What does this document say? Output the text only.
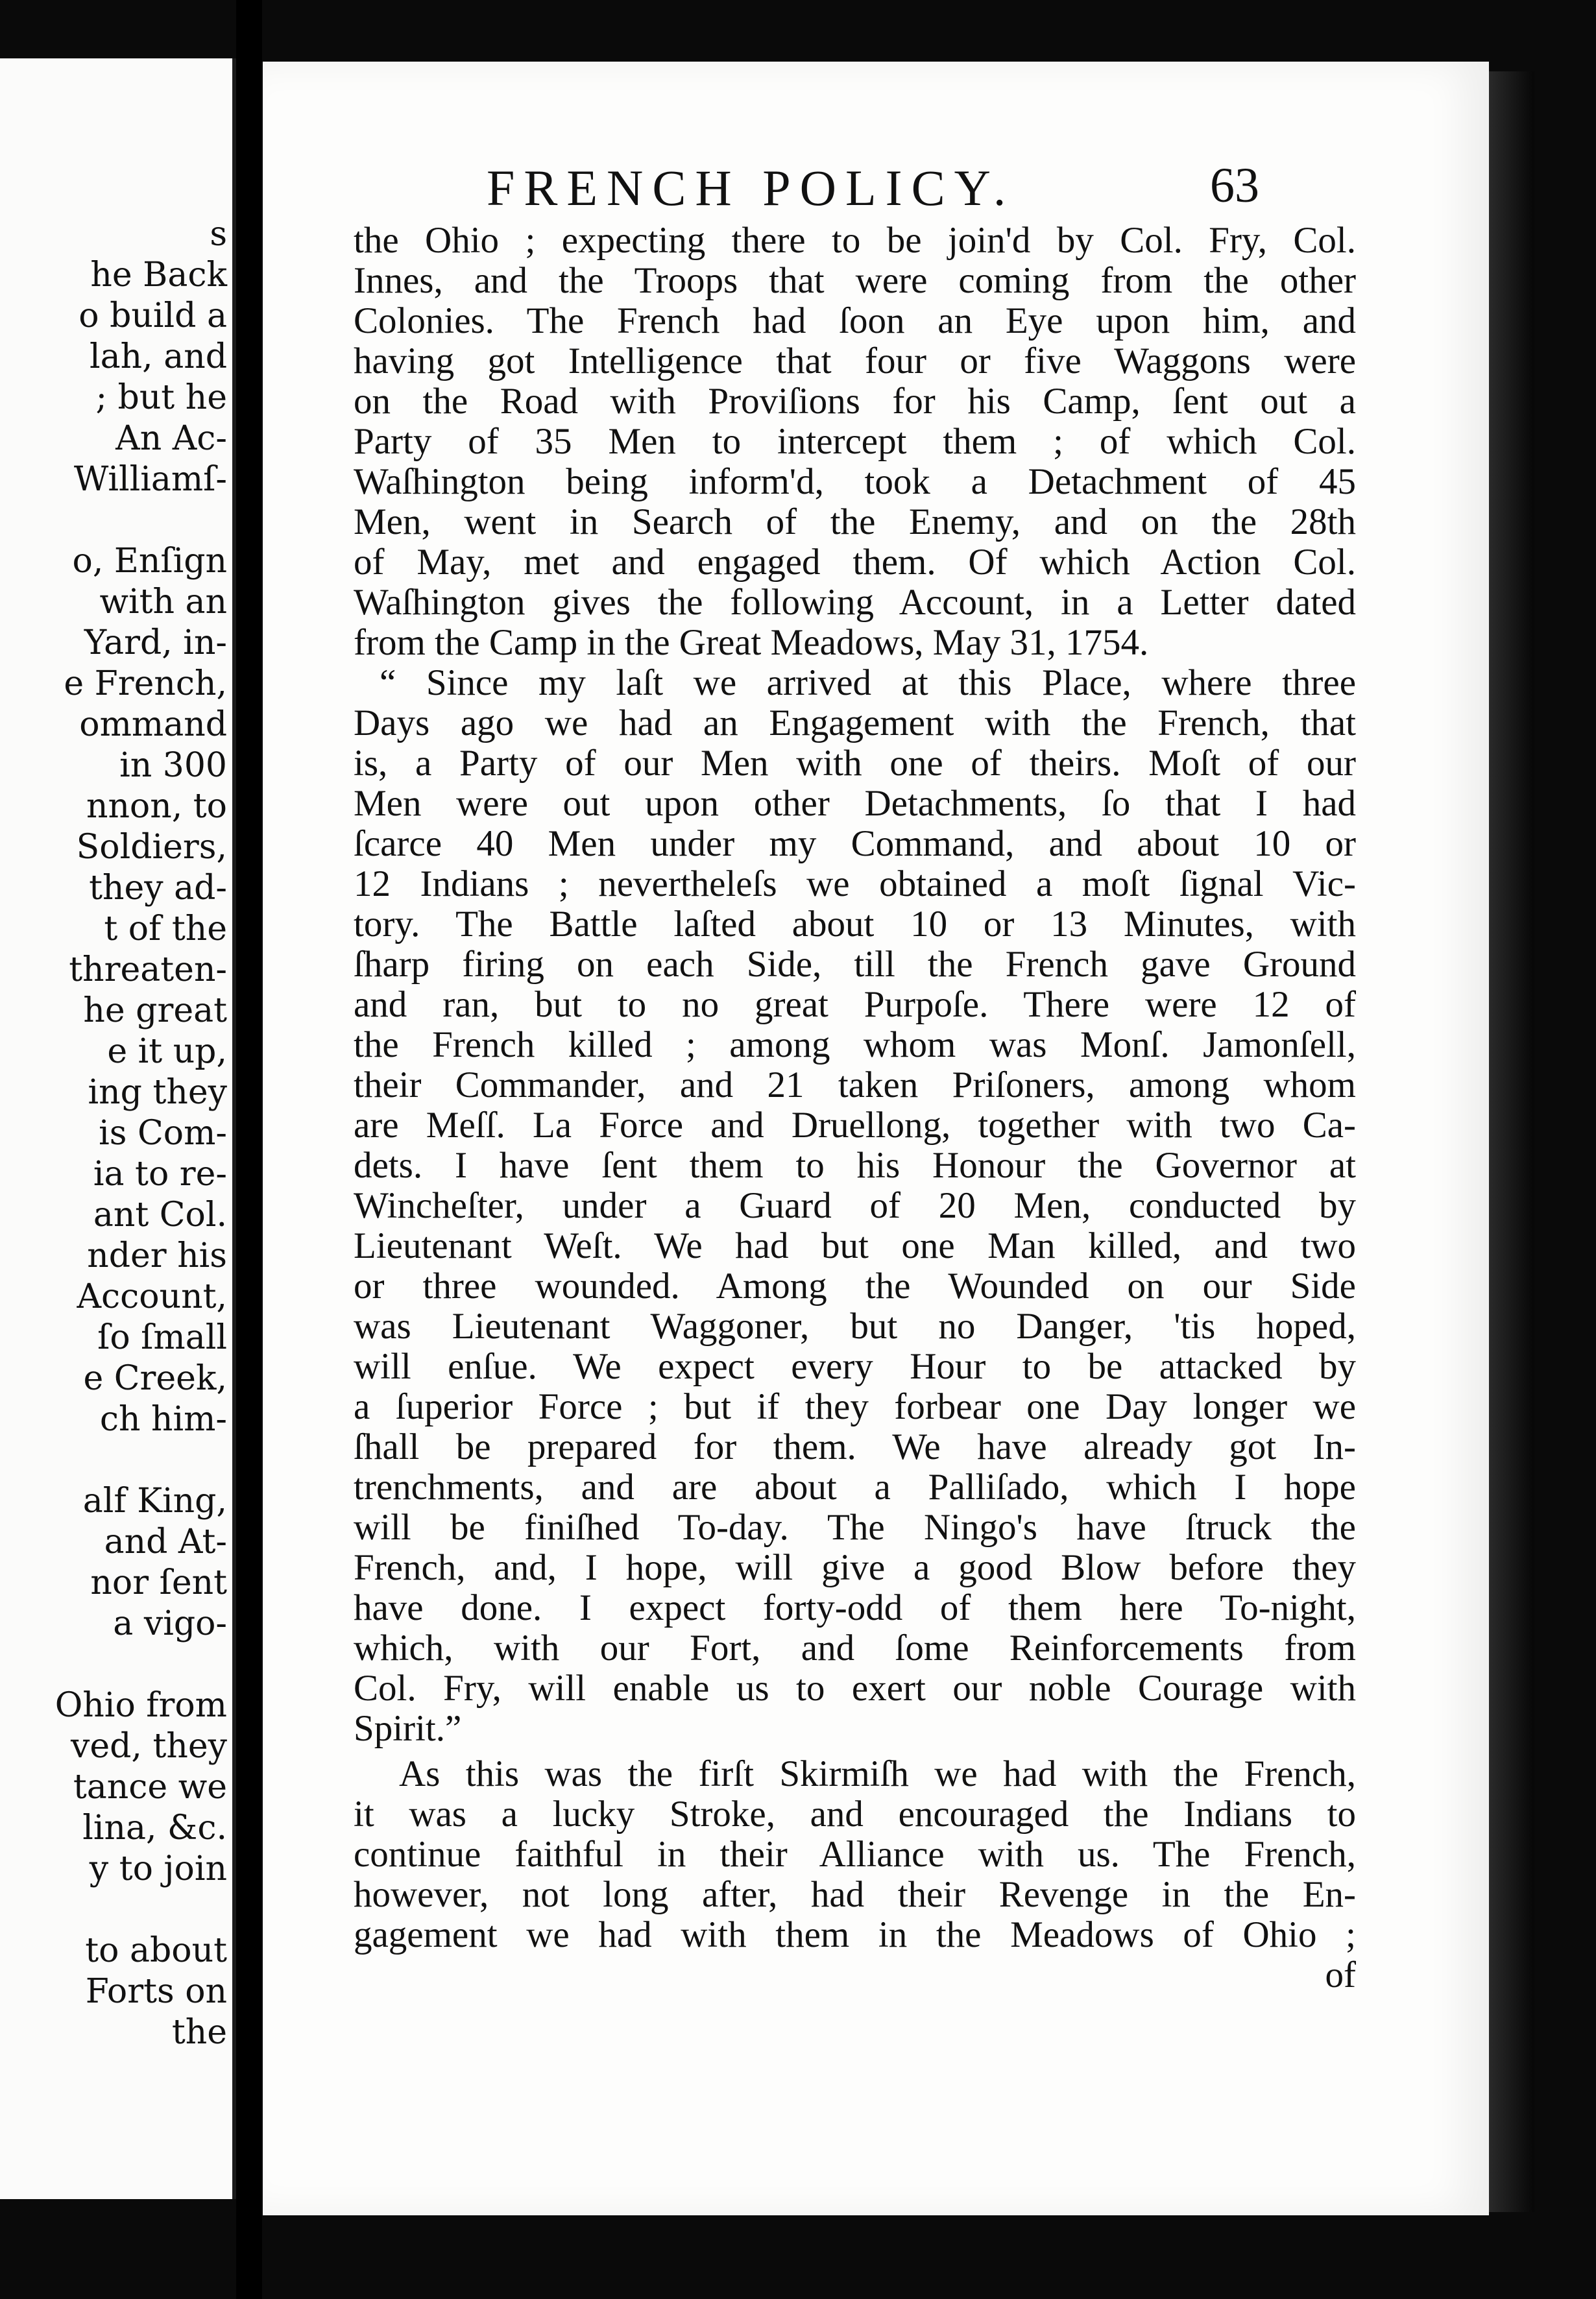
s
he Back
o build a
lah, and
; but he
An Ac-
Williamſ-
o, Enſign
with an
Yard, in-
e French,
ommand
in 300
nnon, to
Soldiers,
they ad-
t of the
threaten-
he great
e it up,
ing they
is Com-
ia to re-
ant Col.
nder his
Account,
ſo ſmall
e Creek,
ch him-
alf King,
and At-
nor ſent
a vigo-
Ohio from
ved, they
tance we
lina, &c.
y to join
to about
Forts on
the
FRENCH POLICY.	63
the Ohio ; expecting there to be join'd by Col. Fry, Col.
Innes, and the Troops that were coming from the other
Colonies. The French had ſoon an Eye upon him, and
having got Intelligence that four or five Waggons were
on the Road with Proviſions for his Camp, ſent out a
Party of 35 Men to intercept them ; of which Col.
Waſhington being inform'd, took a Detachment of 45
Men, went in Search of the Enemy, and on the 28th
of May, met and engaged them. Of which Action Col.
Waſhington gives the following Account, in a Letter dated
from the Camp in the Great Meadows, May 31, 1754.
“ Since my laſt we arrived at this Place, where three
Days ago we had an Engagement with the French, that
is, a Party of our Men with one of theirs. Moſt of our
Men were out upon other Detachments, ſo that I had
ſcarce 40 Men under my Command, and about 10 or
12 Indians ; nevertheleſs we obtained a moſt ſignal Vic-
tory. The Battle laſted about 10 or 13 Minutes, with
ſharp firing on each Side, till the French gave Ground
and ran, but to no great Purpoſe. There were 12 of
the French killed ; among whom was Monſ. Jamonſell,
their Commander, and 21 taken Priſoners, among whom
are Meſſ. La Force and Druellong, together with two Ca-
dets. I have ſent them to his Honour the Governor at
Wincheſter, under a Guard of 20 Men, conducted by
Lieutenant Weſt. We had but one Man killed, and two
or three wounded. Among the Wounded on our Side
was Lieutenant Waggoner, but no Danger, 'tis hoped,
will enſue. We expect every Hour to be attacked by
a ſuperior Force ; but if they forbear one Day longer we
ſhall be prepared for them. We have already got In-
trenchments, and are about a Palliſado, which I hope
will be finiſhed To-day. The Ningo's have ſtruck the
French, and, I hope, will give a good Blow before they
have done. I expect forty-odd of them here To-night,
which, with our Fort, and ſome Reinforcements from
Col. Fry, will enable us to exert our noble Courage with
Spirit.”
As this was the firſt Skirmiſh we had with the French,
it was a lucky Stroke, and encouraged the Indians to
continue faithful in their Alliance with us. The French,
however, not long after, had their Revenge in the En-
gagement we had with them in the Meadows of Ohio ;
of
